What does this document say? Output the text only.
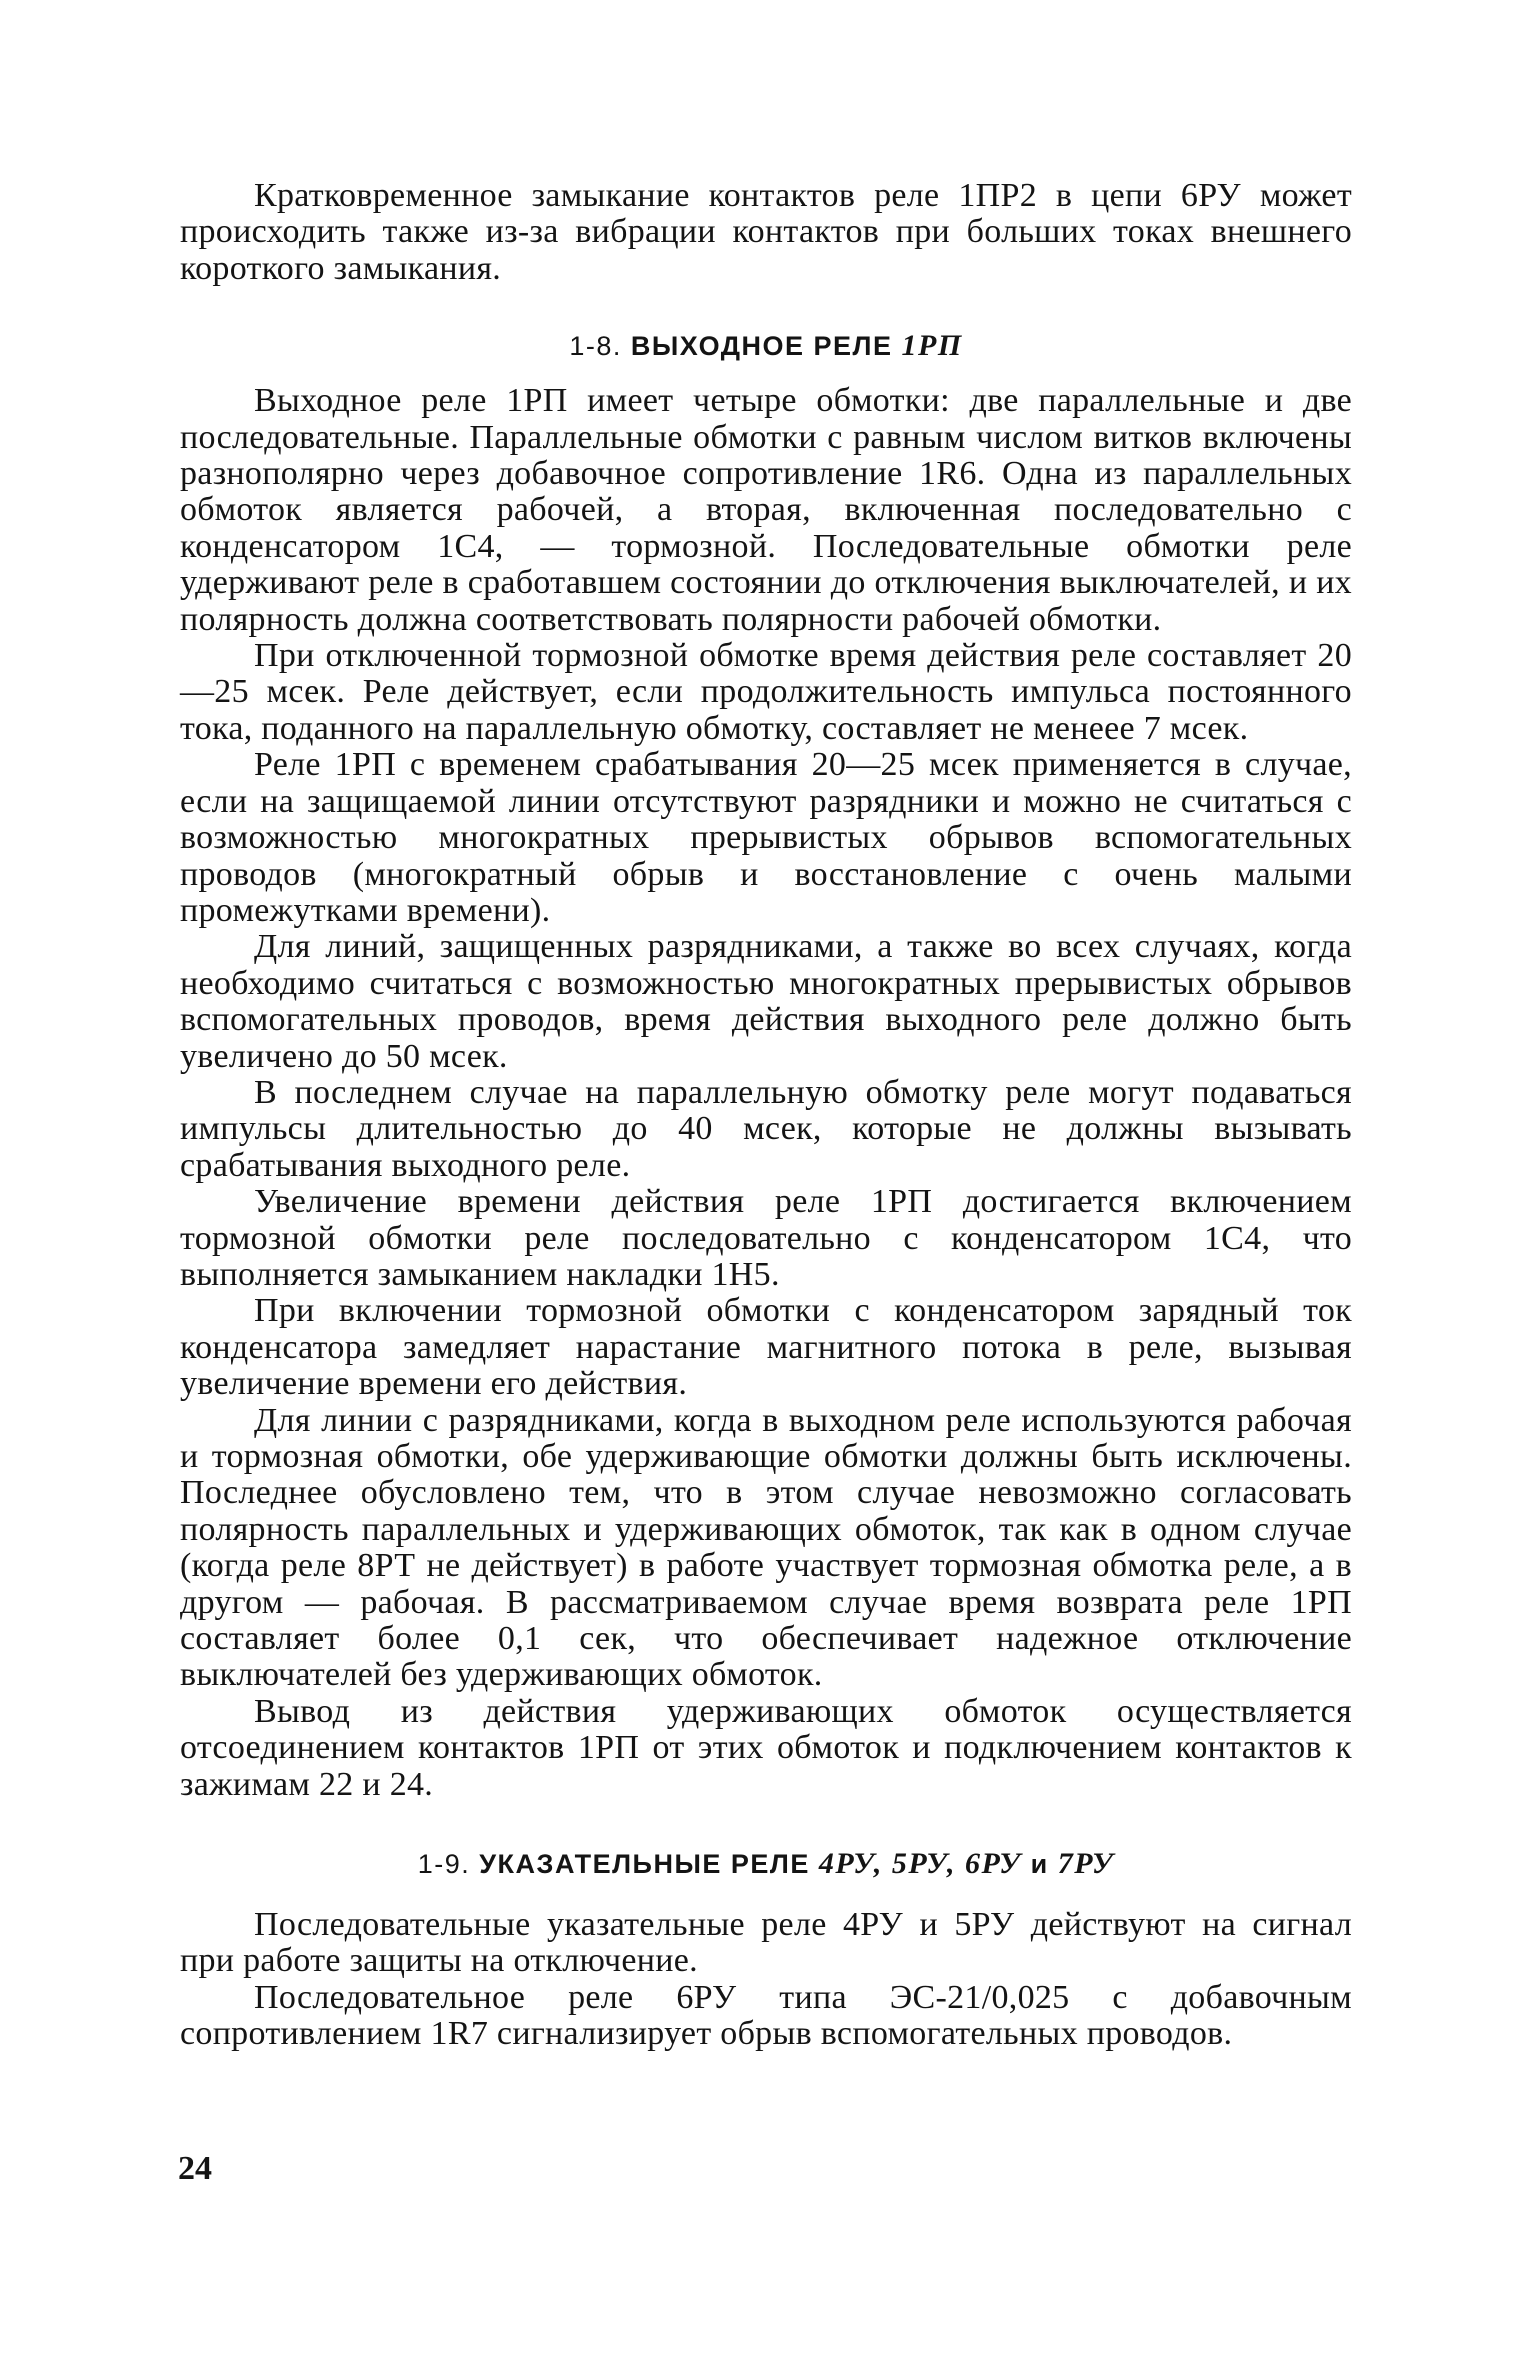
Кратковременное замыкание контактов реле 1ПР2 в цепи 6РУ может происходить также из-за вибрации контактов при больших токах внешнего короткого замыкания.

1-8. ВЫХОДНОЕ РЕЛЕ 1РП

Выходное реле 1РП имеет четыре обмотки: две параллельные и две последовательные. Параллельные обмотки с равным числом витков включены разнополярно через добавочное сопротивление 1R6. Одна из параллельных обмоток является рабочей, а вторая, включенная последовательно с конденсатором 1С4, — тормозной. Последовательные обмотки реле удерживают реле в сработавшем состоянии до отключения выключателей, и их полярность должна соответствовать полярности рабочей обмотки.

При отключенной тормозной обмотке время действия реле составляет 20—25 мсек. Реле действует, если продолжительность импульса постоянного тока, поданного на параллельную обмотку, составляет не менеее 7 мсек.

Реле 1РП с временем срабатывания 20—25 мсек применяется в случае, если на защищаемой линии отсутствуют разрядники и можно не считаться с возможностью многократных прерывистых обрывов вспомогательных проводов (многократный обрыв и восстановление с очень малыми промежутками времени).

Для линий, защищенных разрядниками, а также во всех случаях, когда необходимо считаться с возможностью многократных прерывистых обрывов вспомогательных проводов, время действия выходного реле должно быть увеличено до 50 мсек.

В последнем случае на параллельную обмотку реле могут подаваться импульсы длительностью до 40 мсек, которые не должны вызывать срабатывания выходного реле.

Увеличение времени действия реле 1РП достигается включением тормозной обмотки реле последовательно с конденсатором 1С4, что выполняется замыканием накладки 1Н5.

При включении тормозной обмотки с конденсатором зарядный ток конденсатора замедляет нарастание магнитного потока в реле, вызывая увеличение времени его действия.

Для линии с разрядниками, когда в выходном реле используются рабочая и тормозная обмотки, обе удерживающие обмотки должны быть исключены. Последнее обусловлено тем, что в этом случае невозможно согласовать полярность параллельных и удерживающих обмоток, так как в одном случае (когда реле 8РТ не действует) в работе участвует тормозная обмотка реле, а в другом — рабочая. В рассматриваемом случае время возврата реле 1РП составляет более 0,1 сек, что обеспечивает надежное отключение выключателей без удерживающих обмоток.

Вывод из действия удерживающих обмоток осуществляется отсоединением контактов 1РП от этих обмоток и подключением контактов к зажимам 22 и 24.

1-9. УКАЗАТЕЛЬНЫЕ РЕЛЕ 4РУ, 5РУ, 6РУ и 7РУ

Последовательные указательные реле 4РУ и 5РУ действуют на сигнал при работе защиты на отключение.

Последовательное реле 6РУ типа ЭС-21/0,025 с добавочным сопротивлением 1R7 сигнализирует обрыв вспомогательных проводов.

24
